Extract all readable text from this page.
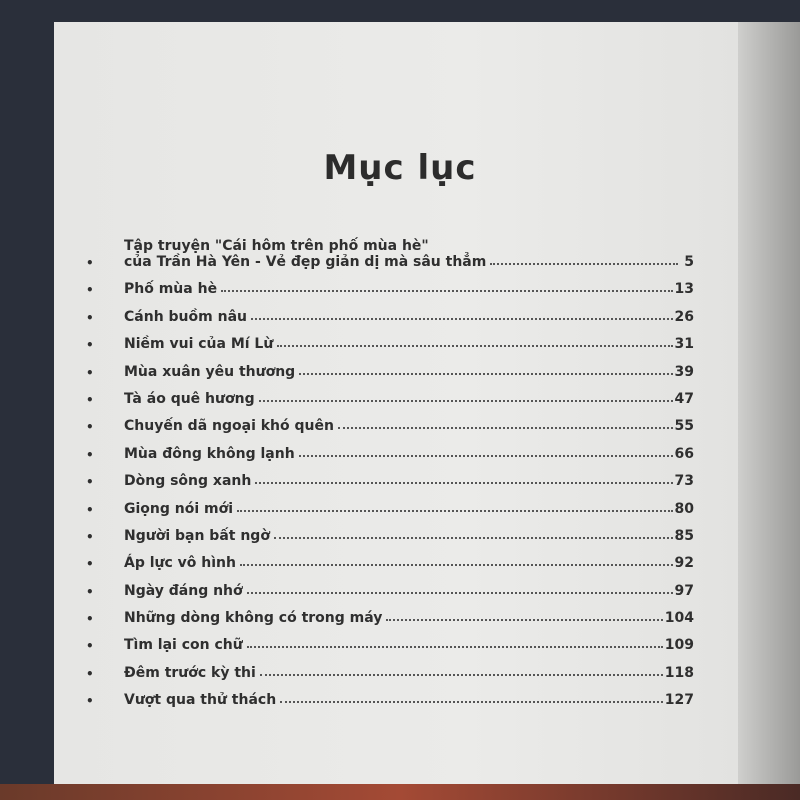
Mục lục
•
Tập truyện "Cái hôm trên phố mùa hè"
của Trần Hà Yên - Vẻ đẹp giản dị mà sâu thẳm	5
•	Phố mùa hè	13
•	Cánh buồm nâu	26
•	Niềm vui của Mí Lừ	31
•	Mùa xuân yêu thương	39
•	Tà áo quê hương	47
•	Chuyến dã ngoại khó quên	55
•	Mùa đông không lạnh	66
•	Dòng sông xanh	73
•	Giọng nói mới	80
•	Người bạn bất ngờ	85
•	Áp lực vô hình	92
•	Ngày đáng nhớ	97
•	Những dòng không có trong máy	104
•	Tìm lại con chữ	109
•	Đêm trước kỳ thi	118
•	Vượt qua thử thách	127
